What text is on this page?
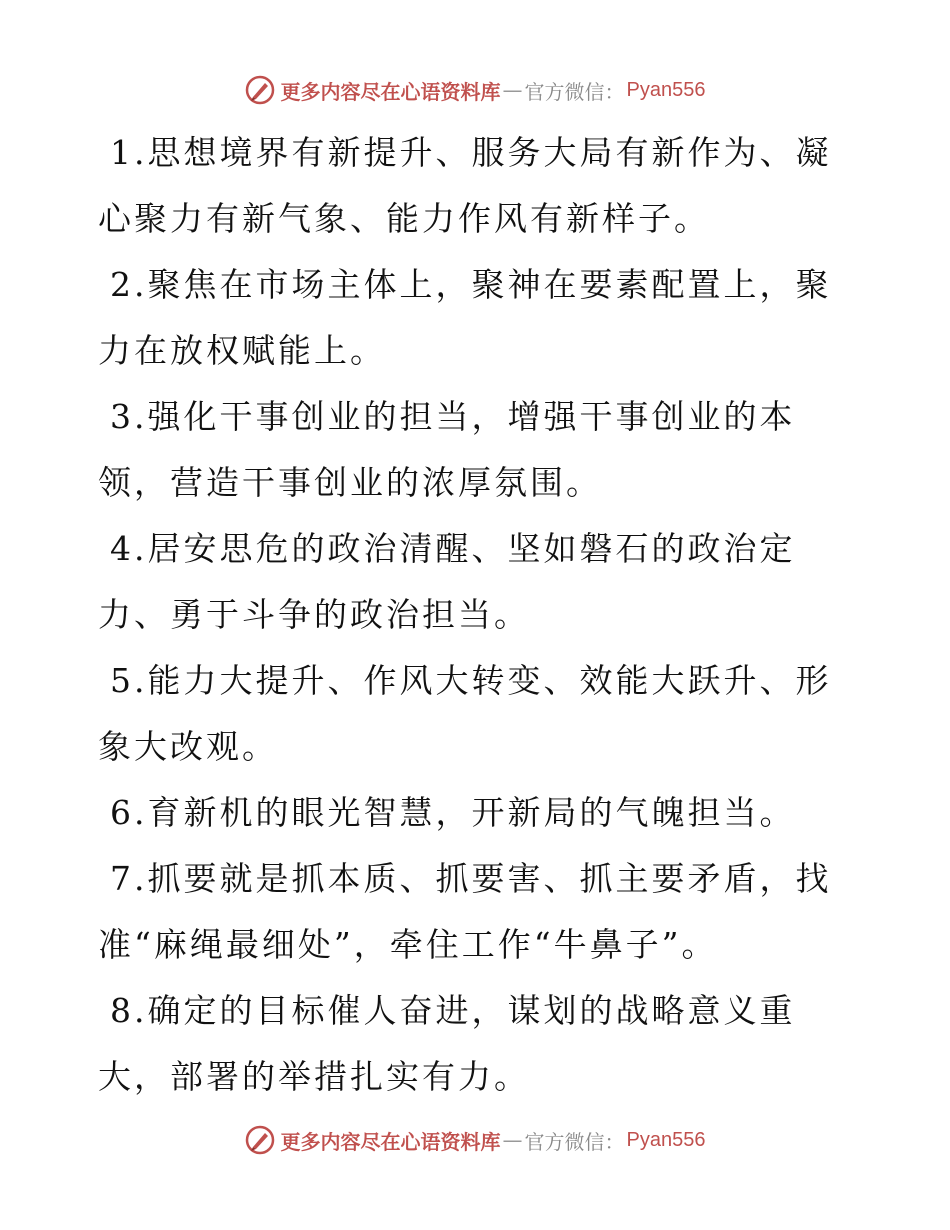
更多内容尽在心语资料库 — 官方微信： Pyan556
1.思想境界有新提升、服务大局有新作为、凝心聚力有新气象、能力作风有新样子。
2.聚焦在市场主体上，聚神在要素配置上，聚力在放权赋能上。
3.强化干事创业的担当，增强干事创业的本领，营造干事创业的浓厚氛围。
4.居安思危的政治清醒、坚如磐石的政治定力、勇于斗争的政治担当。
5.能力大提升、作风大转变、效能大跃升、形象大改观。
6.育新机的眼光智慧，开新局的气魄担当。
7.抓要就是抓本质、抓要害、抓主要矛盾，找准“麻绳最细处”，牵住工作“牛鼻子”。
8.确定的目标催人奋进，谋划的战略意义重大，部署的举措扎实有力。
更多内容尽在心语资料库 — 官方微信： Pyan556
